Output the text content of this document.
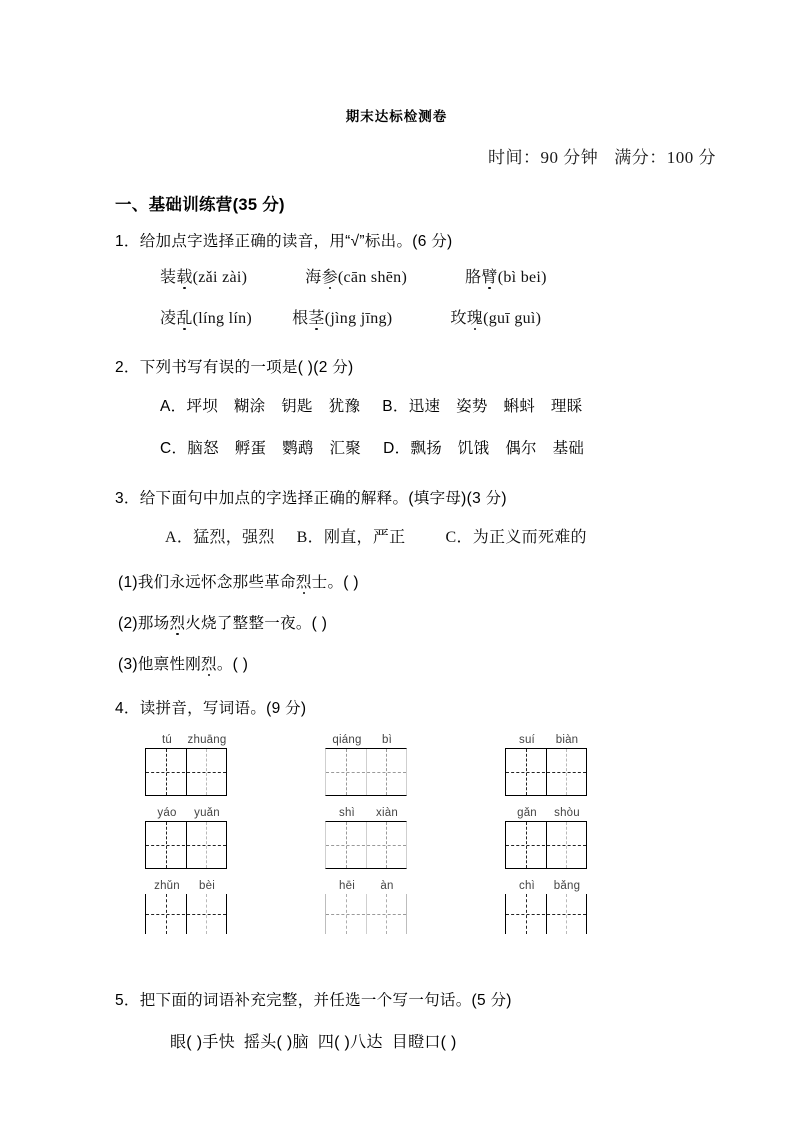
期末达标检测卷
时间：90 分钟 满分：100 分
一、基础训练营(35 分)
1．给加点字选择正确的读音，用“√”标出。(6 分)
装载(zǎi zài)	海参(cān shēn)	胳臂(bì bei)
凌乱(líng lín)	根茎(jìng jīng)	玫瑰(guī guì)
2．下列书写有误的一项是( )(2 分)
A．坪坝　糊涂　钥匙　犹豫 B．迅速　姿势　蝌蚪　理睬
C．脑怒　孵蛋　鹦鹉　汇聚 D．飘扬　饥饿　偶尔　基础
3．给下面句中加点的字选择正确的解释。(填字母)(3 分)
A．猛烈，强烈 B．刚直，严正	C．为正义而死难的
(1)我们永远怀念那些革命烈士。( )
(2)那场烈火烧了整整一夜。( )
(3)他禀性刚烈。( )
4．读拼音，写词语。(9 分)
tú zhuāng	qiáng bì	suí biàn
yáo yuǎn	shì xiàn	gǎn shòu
zhǔn bèi	hēi àn	chì bǎng
5．把下面的词语补充完整，并任选一个写一句话。(5 分)
眼( )手快 摇头( )脑 四( )八达 目瞪口( )
